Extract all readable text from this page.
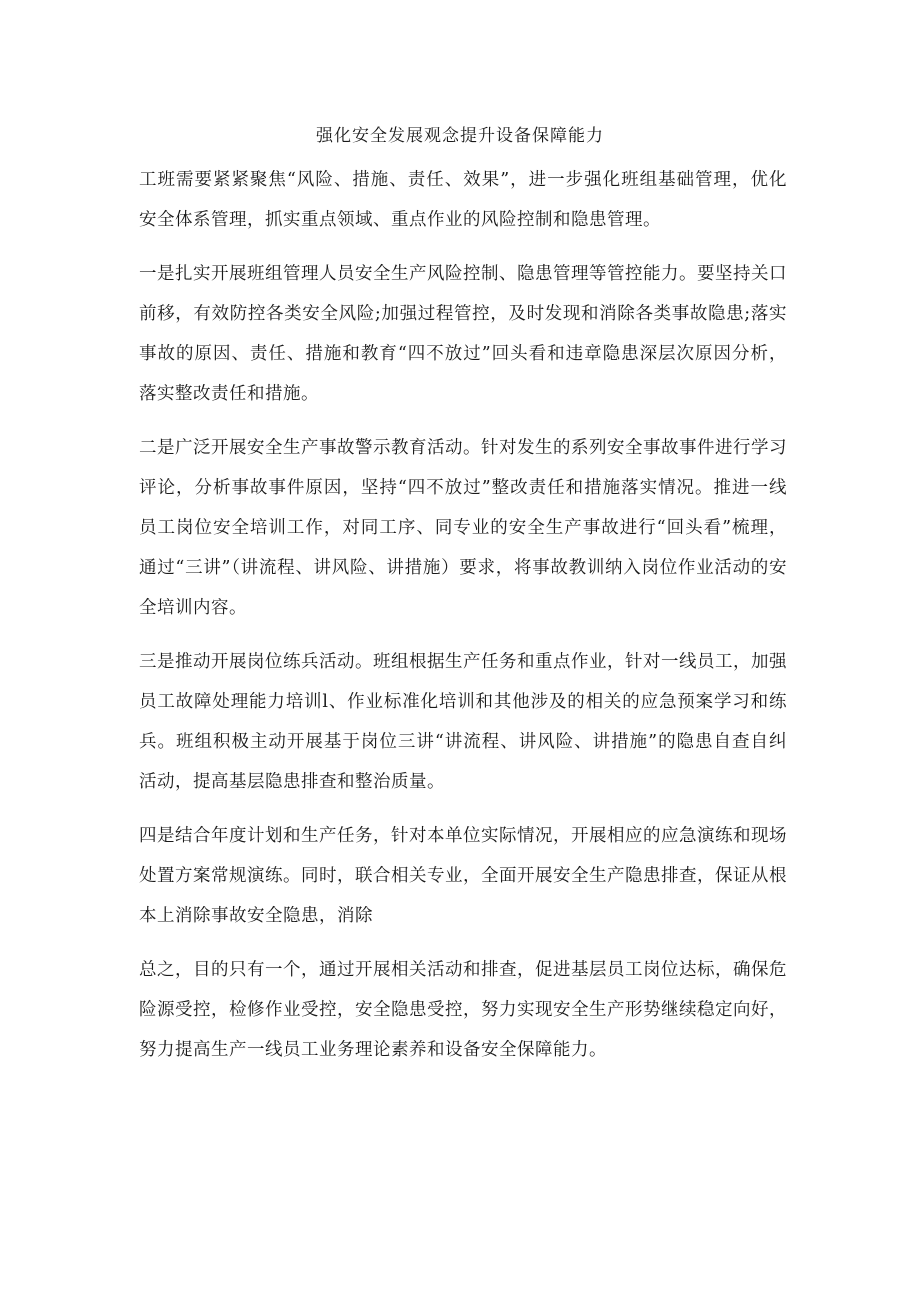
强化安全发展观念提升设备保障能力

工班需要紧紧聚焦“风险、措施、责任、效果”，进一步强化班组基础管理，优化安全体系管理，抓实重点领域、重点作业的风险控制和隐患管理。

一是扎实开展班组管理人员安全生产风险控制、隐患管理等管控能力。要坚持关口前移，有效防控各类安全风险;加强过程管控，及时发现和消除各类事故隐患;落实事故的原因、责任、措施和教育“四不放过”回头看和违章隐患深层次原因分析，落实整改责任和措施。

二是广泛开展安全生产事故警示教育活动。针对发生的系列安全事故事件进行学习评论，分析事故事件原因，坚持“四不放过”整改责任和措施落实情况。推进一线员工岗位安全培训工作，对同工序、同专业的安全生产事故进行“回头看”梳理，通过“三讲”（讲流程、讲风险、讲措施）要求，将事故教训纳入岗位作业活动的安全培训内容。

三是推动开展岗位练兵活动。班组根据生产任务和重点作业，针对一线员工，加强员工故障处理能力培训l、作业标准化培训和其他涉及的相关的应急预案学习和练兵。班组积极主动开展基于岗位三讲“讲流程、讲风险、讲措施”的隐患自查自纠活动，提高基层隐患排查和整治质量。

四是结合年度计划和生产任务，针对本单位实际情况，开展相应的应急演练和现场处置方案常规演练。同时，联合相关专业，全面开展安全生产隐患排查，保证从根本上消除事故安全隐患，消除

总之，目的只有一个，通过开展相关活动和排查，促进基层员工岗位达标，确保危险源受控，检修作业受控，安全隐患受控，努力实现安全生产形势继续稳定向好，努力提高生产一线员工业务理论素养和设备安全保障能力。
